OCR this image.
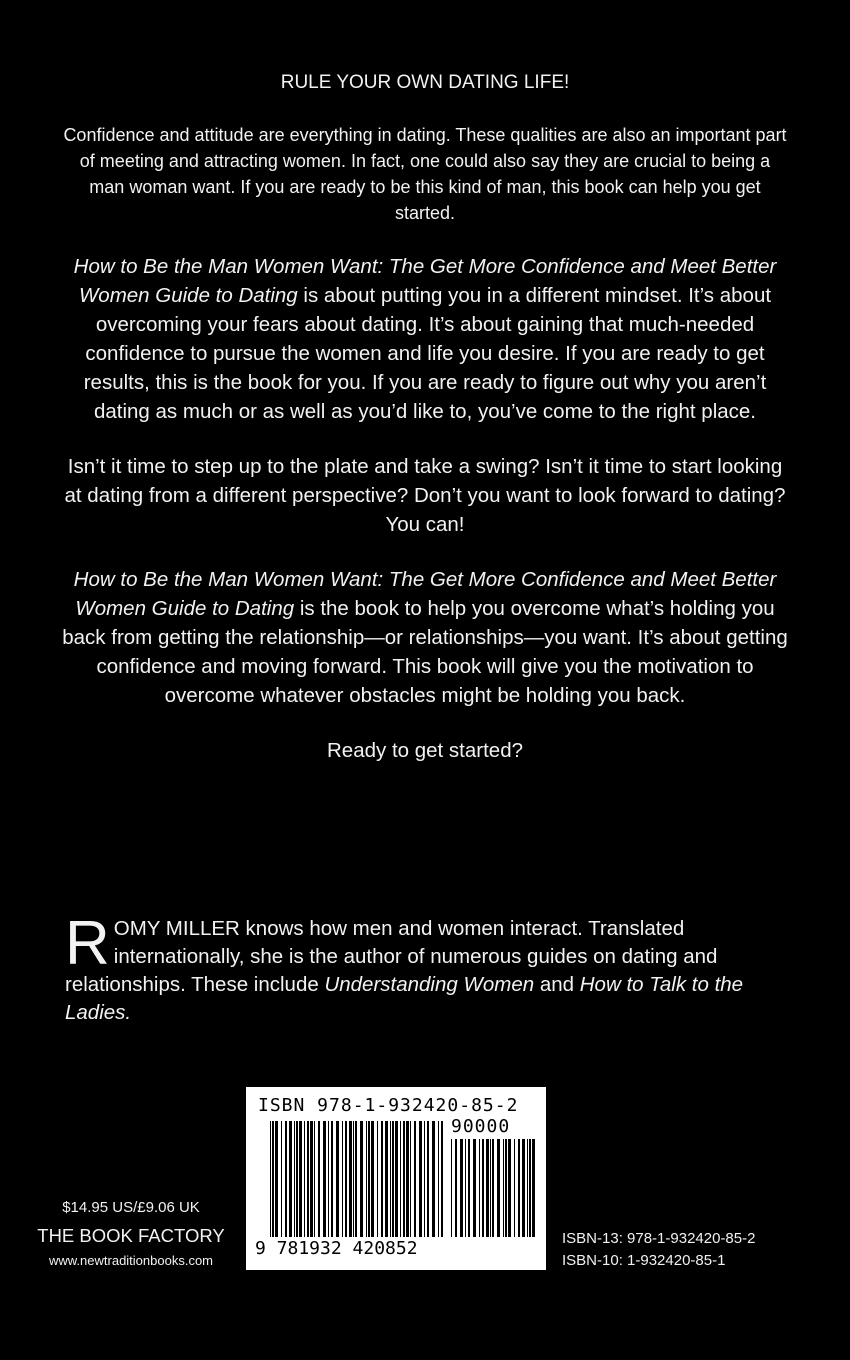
RULE YOUR OWN DATING LIFE!

Confidence and attitude are everything in dating. These qualities are also an important part of meeting and attracting women. In fact, one could also say they are crucial to being a man woman want. If you are ready to be this kind of man, this book can help you get started.

How to Be the Man Women Want: The Get More Confidence and Meet Better Women Guide to Dating is about putting you in a different mindset. It’s about overcoming your fears about dating. It’s about gaining that much-needed confidence to pursue the women and life you desire. If you are ready to get results, this is the book for you. If you are ready to figure out why you aren’t dating as much or as well as you’d like to, you’ve come to the right place.

Isn’t it time to step up to the plate and take a swing? Isn’t it time to start looking at dating from a different perspective? Don’t you want to look forward to dating? You can!

How to Be the Man Women Want: The Get More Confidence and Meet Better Women Guide to Dating is the book to help you overcome what’s holding you back from getting the relationship—or relationships—you want. It’s about getting confidence and moving forward. This book will give you the motivation to overcome whatever obstacles might be holding you back.

Ready to get started?

ROMY MILLER knows how men and women interact. Translated internationally, she is the author of numerous guides on dating and relationships. These include Understanding Women and How to Talk to the Ladies.
$14.95 US/£9.06 UK
THE BOOK FACTORY
www.newtraditionbooks.com
ISBN 978-1-932420-85-2
90000
9 781932 420852	ISBN-13: 978-1-932420-85-2
ISBN-10: 1-932420-85-1
